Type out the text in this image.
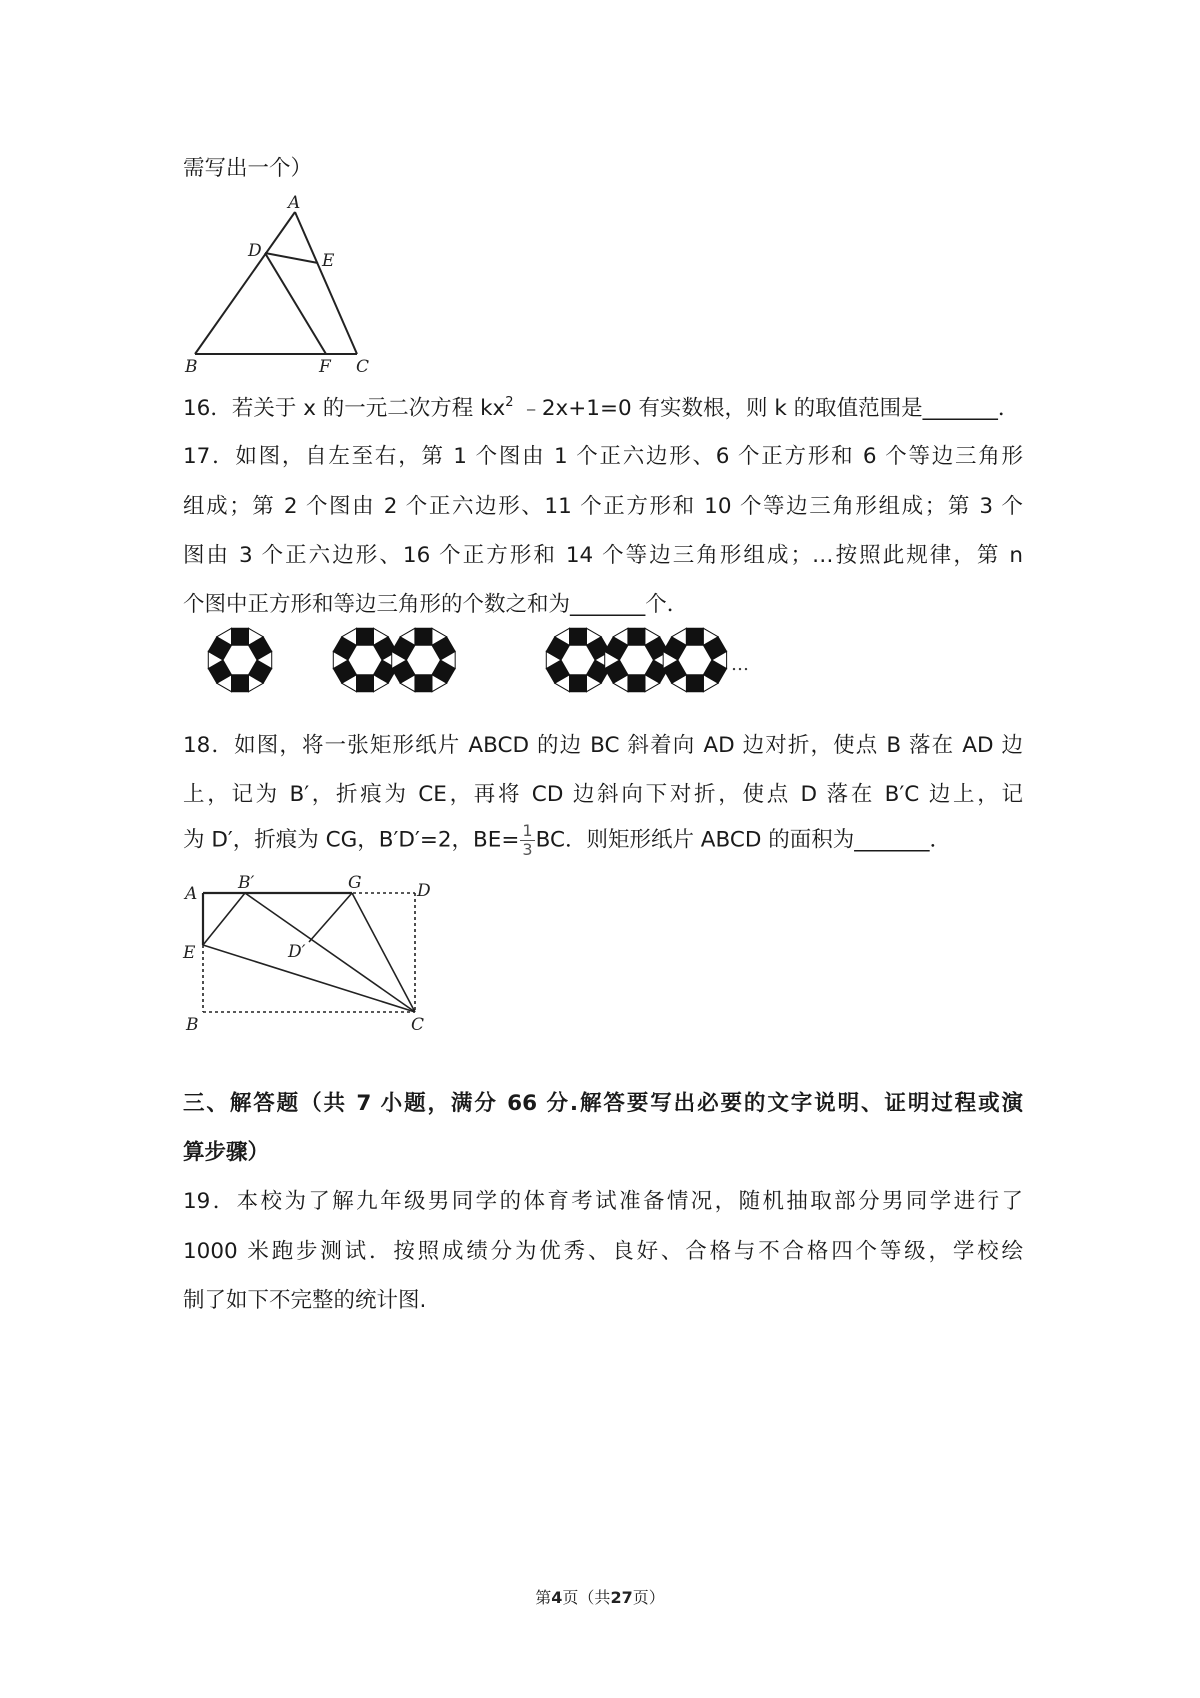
需写出一个）
A
D	E
B	F C
16．若关于 x 的一元二次方程 $kx^2$ ﹣2x+1=0 有实数根，则 k 的取值范围是_______．
17．如图，自左至右，第 1 个图由 1 个正六边形、6 个正方形和 6 个等边三角形
组成；第 2 个图由 2 个正六边形、11 个正方形和 10 个等边三角形组成；第 3 个
图由 3 个正六边形、16 个正方形和 14 个等边三角形组成；…按照此规律，第 n
个图中正方形和等边三角形的个数之和为_______个．
…
18．如图，将一张矩形纸片 ABCD 的边 BC 斜着向 AD 边对折，使点 B 落在 AD 边
上，记为 B′，折痕为 CE，再将 CD 边斜向下对折，使点 D 落在 B′C 边上，记
为 D′，折痕为 CG，B′D′=2，$BE= \frac{1}{3}$ BC．则矩形纸片 ABCD 的面积为_______．
A
B′	G	D
E	D′
B	C
三、解答题（共 7 小题，满分 66 分.解答要写出必要的文字说明、证明过程或演
算步骤）
19．本校为了解九年级男同学的体育考试准备情况，随机抽取部分男同学进行了
1000 米跑步测试．按照成绩分为优秀、良好、合格与不合格四个等级，学校绘
制了如下不完整的统计图.
第4页（共27页）
